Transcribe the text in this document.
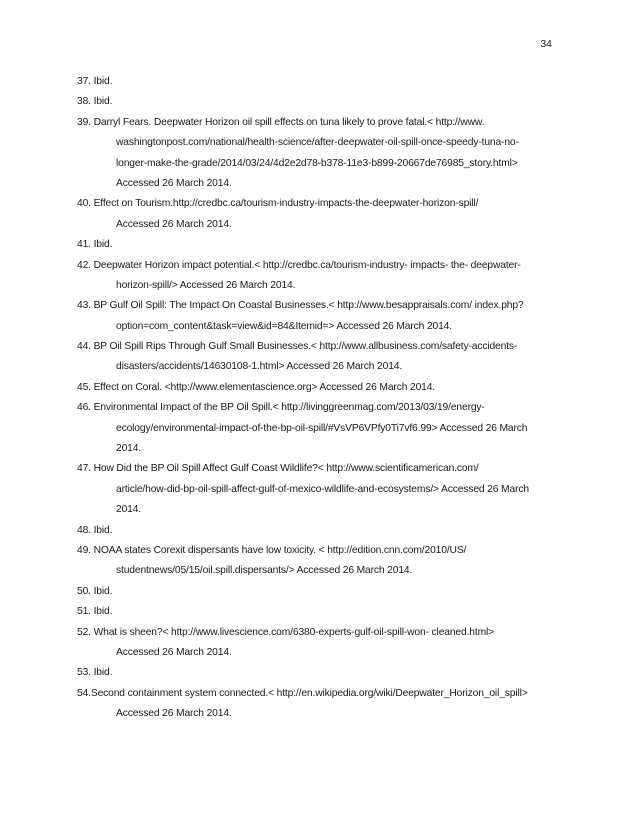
34
37. Ibid.
38. Ibid.
39. Darryl Fears. Deepwater Horizon oil spill effects on tuna likely to prove fatal.< http://www.
washingtonpost.com/national/health-science/after-deepwater-oil-spill-once-speedy-tuna-no-
longer-make-the-grade/2014/03/24/4d2e2d78-b378-11e3-b899-20667de76985_story.html>
Accessed 26 March 2014.
40. Effect on Tourism.http://credbc.ca/tourism-industry-impacts-the-deepwater-horizon-spill/
Accessed 26 March 2014.
41. Ibid.
42. Deepwater Horizon impact potential.< http://credbc.ca/tourism-industry- impacts- the- deepwater-
horizon-spill/> Accessed 26 March 2014.
43. BP Gulf Oil Spill: The Impact On Coastal Businesses.< http://www.besappraisals.com/ index.php?
option=com_content&task=view&id=84&Itemid=> Accessed 26 March 2014.
44. BP Oil Spill Rips Through Gulf Small Businesses.< http://www.allbusiness.com/safety-accidents-
disasters/accidents/14630108-1.html> Accessed 26 March 2014.
45. Effect on Coral. <http://www.elementascience.org> Accessed 26 March 2014.
46. Environmental Impact of the BP Oil Spill.< http://livinggreenmag.com/2013/03/19/energy-
ecology/environmental-impact-of-the-bp-oil-spill/#VsVP6VPfy0Ti7vf6.99> Accessed 26 March
2014.
47. How Did the BP Oil Spill Affect Gulf Coast Wildlife?< http://www.scientificamerican.com/
article/how-did-bp-oil-spill-affect-gulf-of-mexico-wildlife-and-ecosystems/> Accessed 26 March
2014.
48. Ibid.
49. NOAA states Corexit dispersants have low toxicity. < http://edition.cnn.com/2010/US/
studentnews/05/15/oil.spill.dispersants/> Accessed 26 March 2014.
50. Ibid.
51. Ibid.
52. What is sheen?< http://www.livescience.com/6380-experts-gulf-oil-spill-won- cleaned.html>
Accessed 26 March 2014.
53. Ibid.
54.Second containment system connected.< http://en.wikipedia.org/wiki/Deepwater_Horizon_oil_spill>
Accessed 26 March 2014.
